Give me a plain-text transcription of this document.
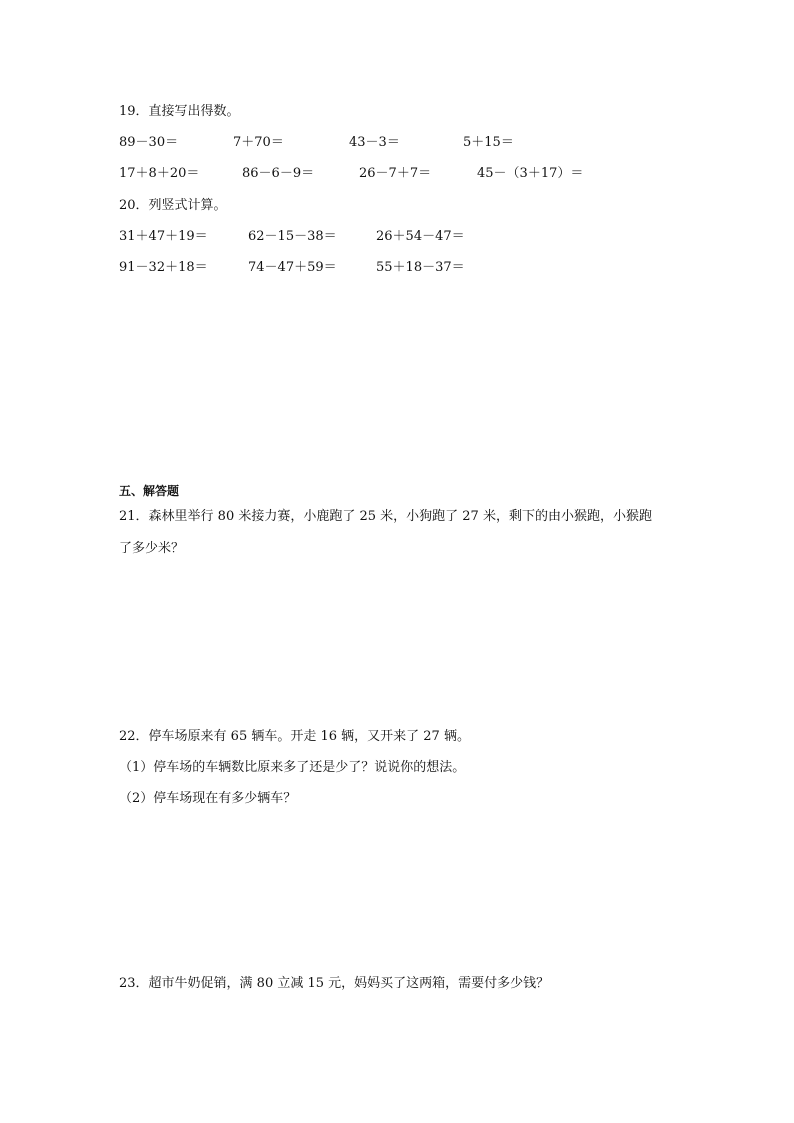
19．直接写出得数。
89－30＝	7＋70＝	43－3＝	5＋15＝
17＋8＋20＝	86－6－9＝	26－7＋7＝	45－（3＋17）＝
20．列竖式计算。
31＋47＋19＝	62－15－38＝	26＋54－47＝
91－32＋18＝	74－47＋59＝	55＋18－37＝
五、解答题
21．森林里举行 80 米接力赛，小鹿跑了 25 米，小狗跑了 27 米，剩下的由小猴跑，小猴跑
了多少米？
22．停车场原来有 65 辆车。开走 16 辆，又开来了 27 辆。
（1）停车场的车辆数比原来多了还是少了？说说你的想法。
（2）停车场现在有多少辆车？
23．超市牛奶促销，满 80 立减 15 元，妈妈买了这两箱，需要付多少钱？
